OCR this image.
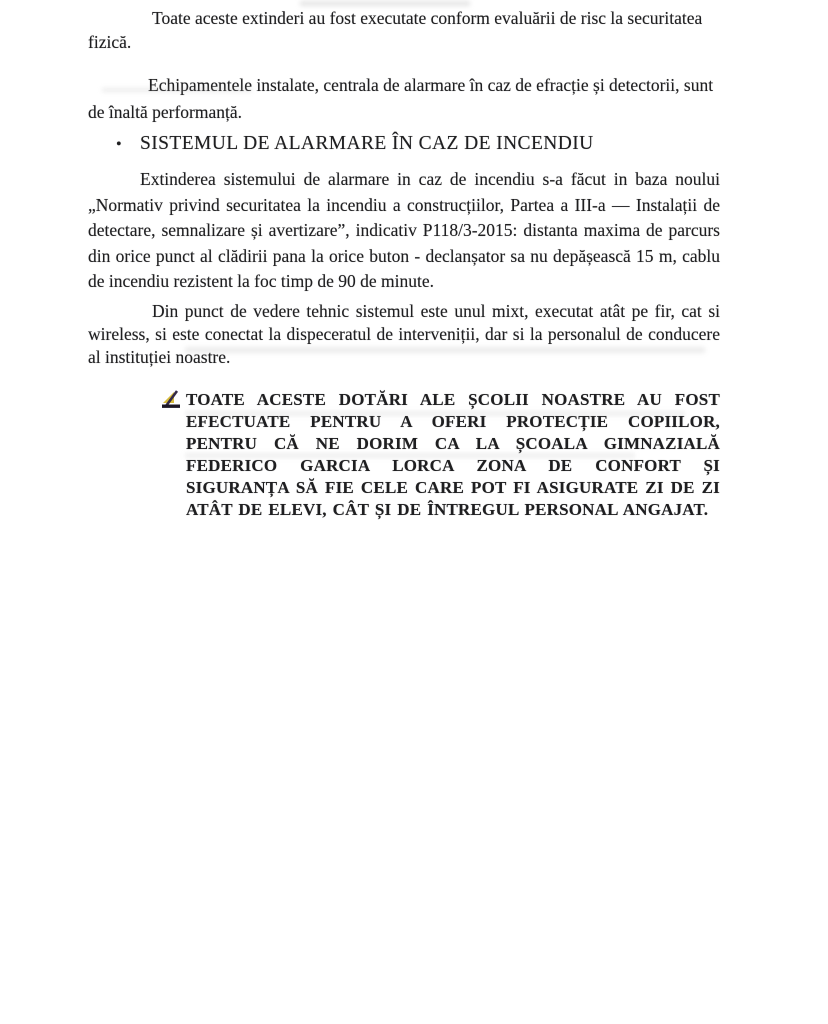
Toate aceste extinderi au fost executate conform evaluării de risc la securitatea fizică.

Echipamentele instalate, centrala de alarmare în caz de efracție și detectorii, sunt de înaltă performanță.

• SISTEMUL DE ALARMARE ÎN CAZ DE INCENDIU

Extinderea sistemului de alarmare in caz de incendiu s-a făcut in baza noului „Normativ privind securitatea la incendiu a construcțiilor, Partea a III-a — Instalații de detectare, semnalizare și avertizare”, indicativ P118/3-2015: distanta maxima de parcurs din orice punct al clădirii pana la orice buton - declanșator sa nu depășească 15 m, cablu de incendiu rezistent la foc timp de 90 de minute.

Din punct de vedere tehnic sistemul este unul mixt, executat atât pe fir, cat si wireless, si este conectat la dispeceratul de interveniții, dar si la personalul de conducere al instituției noastre.

TOATE ACESTE DOTĂRI ALE ȘCOLII NOASTRE AU FOST EFECTUATE PENTRU A OFERI PROTECȚIE COPIILOR, PENTRU CĂ NE DORIM CA LA ȘCOALA GIMNAZIALĂ FEDERICO GARCIA LORCA ZONA DE CONFORT ȘI SIGURANȚA SĂ FIE CELE CARE POT FI ASIGURATE ZI DE ZI ATÂT DE ELEVI, CÂT ȘI DE ÎNTREGUL PERSONAL ANGAJAT.
